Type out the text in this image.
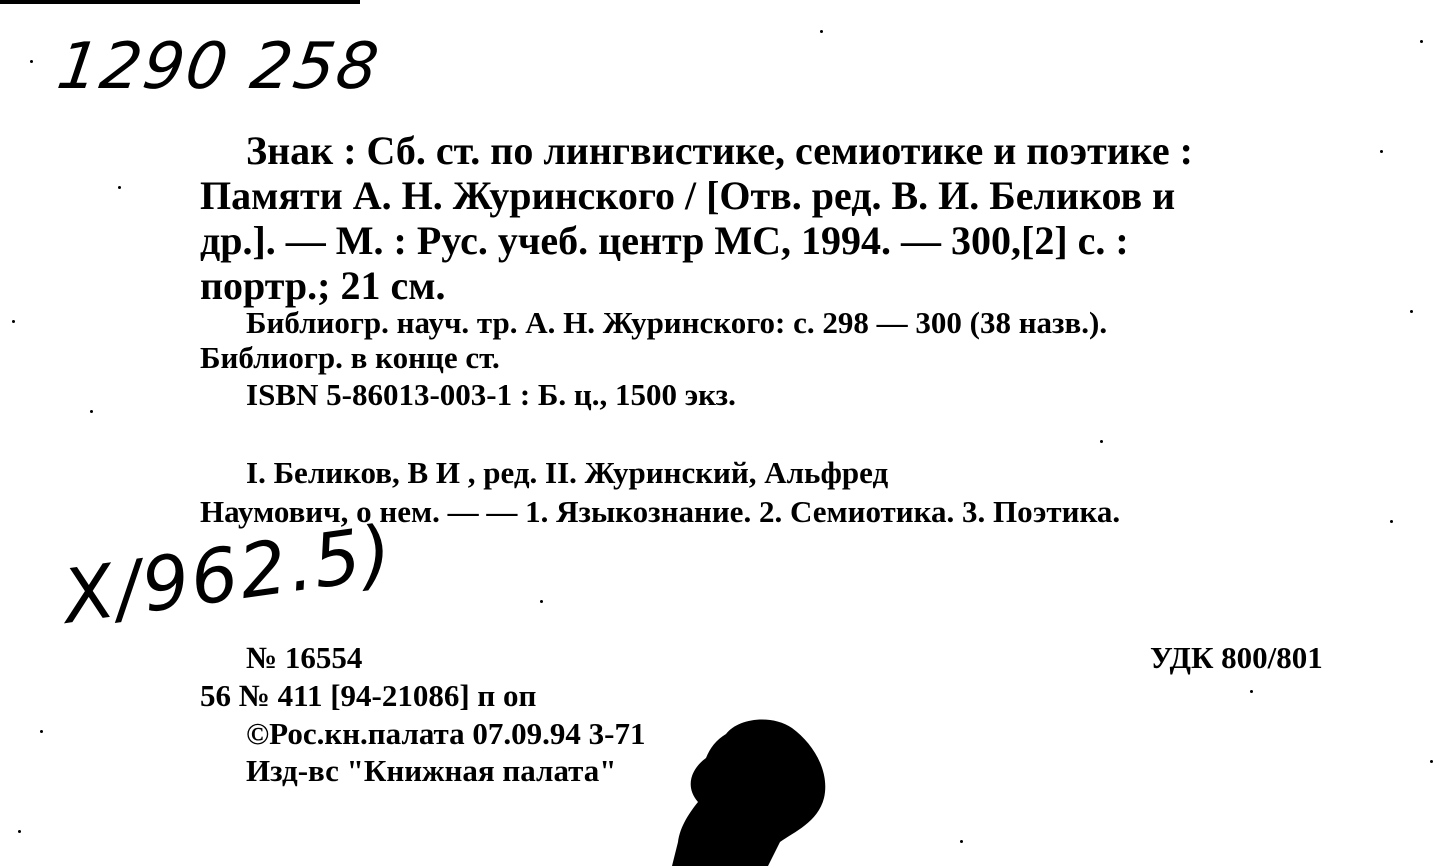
1290 258
Знак : Сб. ст. по лингвистике, семиотике и поэтике :
Памяти А. Н. Журинского / [Отв. ред. В. И. Беликов и
др.]. — М. : Рус. учеб. центр МС, 1994. — 300,[2] с. :
портр.; 21 см.
Библиогр. науч. тр. А. Н. Журинского: с. 298 — 300 (38 назв.).
Библиогр. в конце ст.
ISBN 5-86013-003-1 : Б. ц., 1500 экз.
I. Беликов, В И , ред. II. Журинский, Альфред
Наумович, о нем. — — 1. Языкознание. 2. Семиотика. 3. Поэтика.
Х/962.5)
№ 16554	УДК 800/801
56 № 411 [94-21086] п оп
©Рос.кн.палата 07.09.94 3-71
Изд-вс "Книжная палата"
